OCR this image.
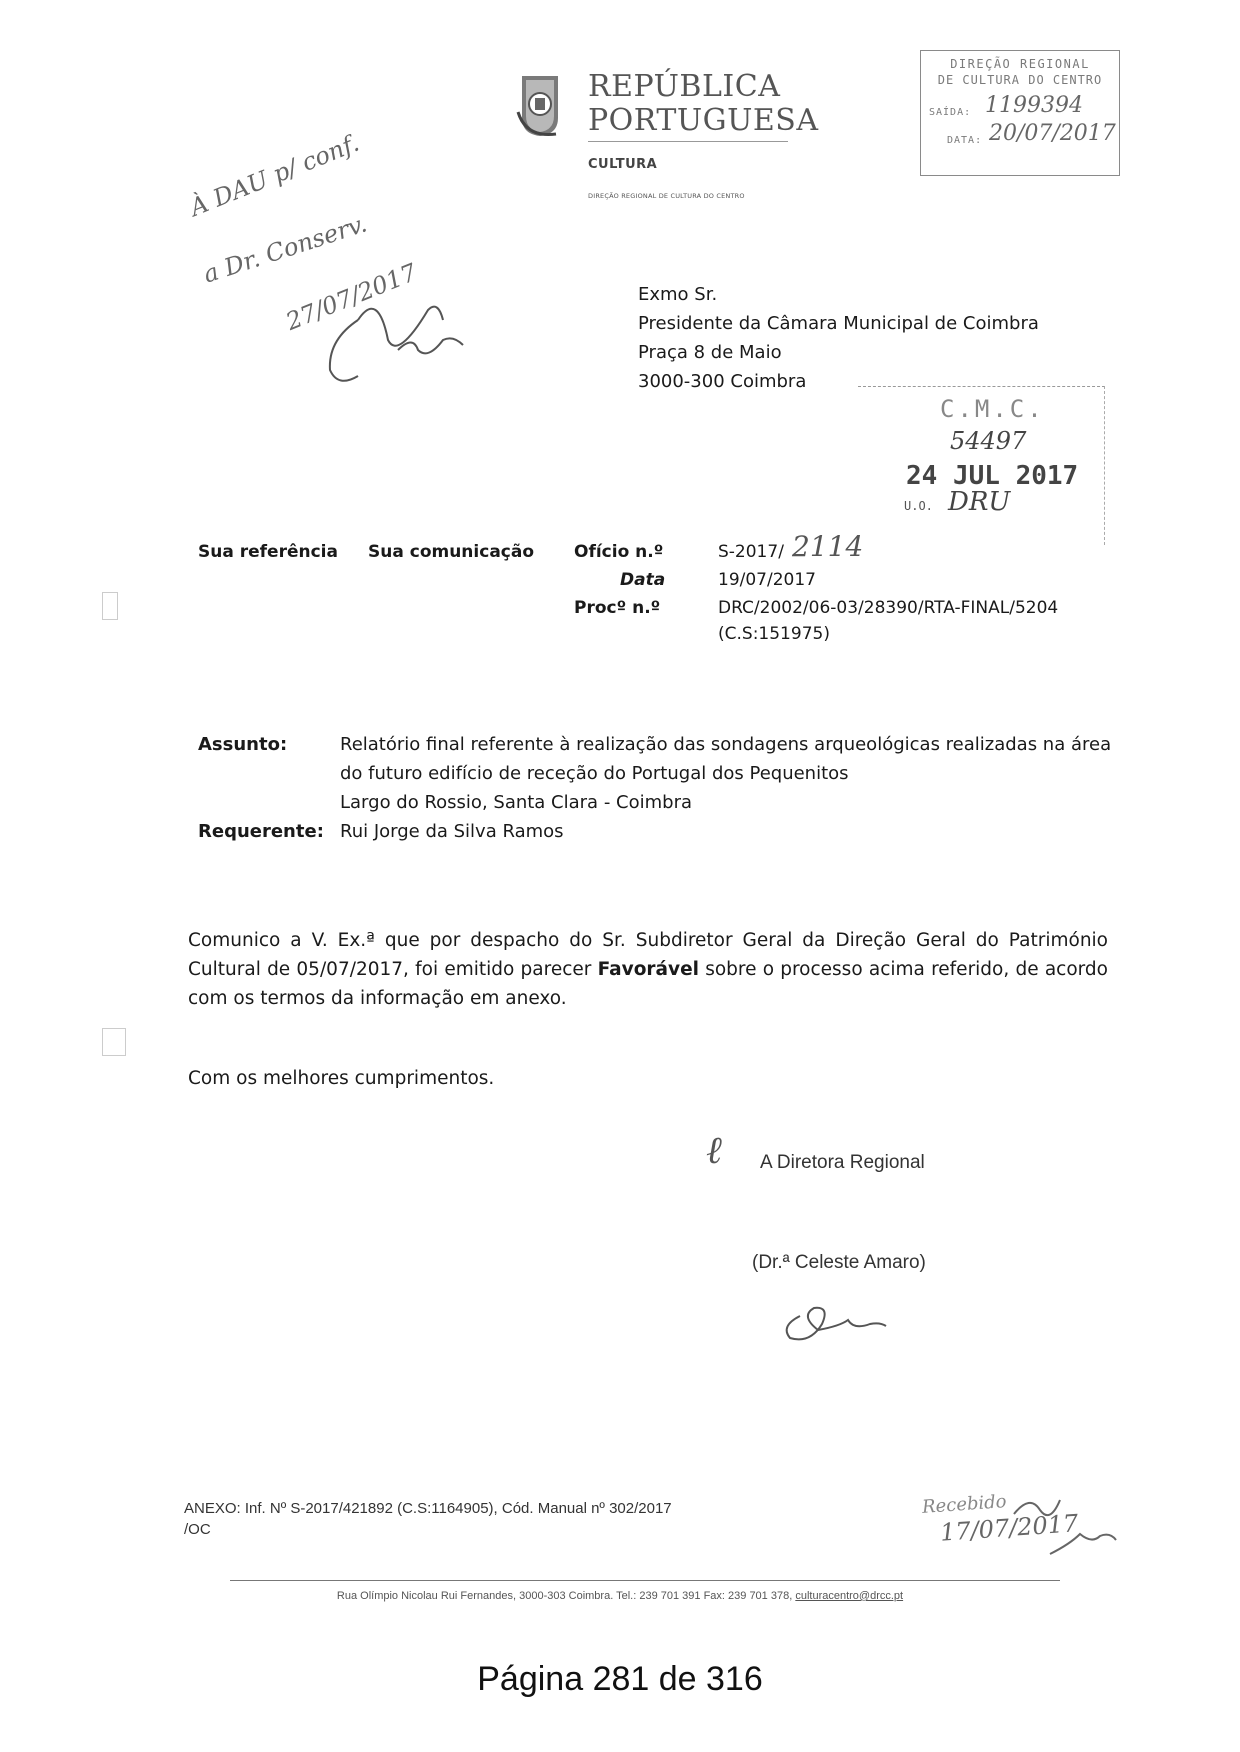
REPÚBLICA
PORTUGUESA
CULTURA
DIREÇÃO REGIONAL DE CULTURA DO CENTRO
DIREÇÃO REGIONAL
DE CULTURA DO CENTRO
SAÍDA: 1199394
DATA: 20/07/2017
À DAU p/ conf.
a Dr. Conserv.
27/07/2017	Exmo Sr.
Presidente da Câmara Municipal de Coimbra
Praça 8 de Maio
3000-300 Coimbra
C.M.C.
54497
24 JUL 2017
U.O. DRU
Sua referência Sua comunicação Ofício n.º	S-2017/ 2114
Data	19/07/2017
Procº n.º	DRC/2002/06-03/28390/RTA-FINAL/5204
(C.S:151975)
Assunto:	Relatório final referente à realização das sondagens arqueológicas realizadas na área
do futuro edifício de receção do Portugal dos Pequenitos
Largo do Rossio, Santa Clara - Coimbra
Requerente: Rui Jorge da Silva Ramos
Comunico a V. Ex.ª que por despacho do Sr. Subdiretor Geral da Direção Geral do Património Cultural de 05/07/2017, foi emitido parecer Favorável sobre o processo acima referido, de acordo com os termos da informação em anexo.
Com os melhores cumprimentos.
ℓ A Diretora Regional
(Dr.ª Celeste Amaro)
ANEXO: Inf. Nº S-2017/421892 (C.S:1164905), Cód. Manual nº 302/2017
/OC
Recebido
17/07/2017
Rua Olímpio Nicolau Rui Fernandes, 3000-303 Coimbra. Tel.: 239 701 391 Fax: 239 701 378, culturacentro@drcc.pt
Página 281 de 316
